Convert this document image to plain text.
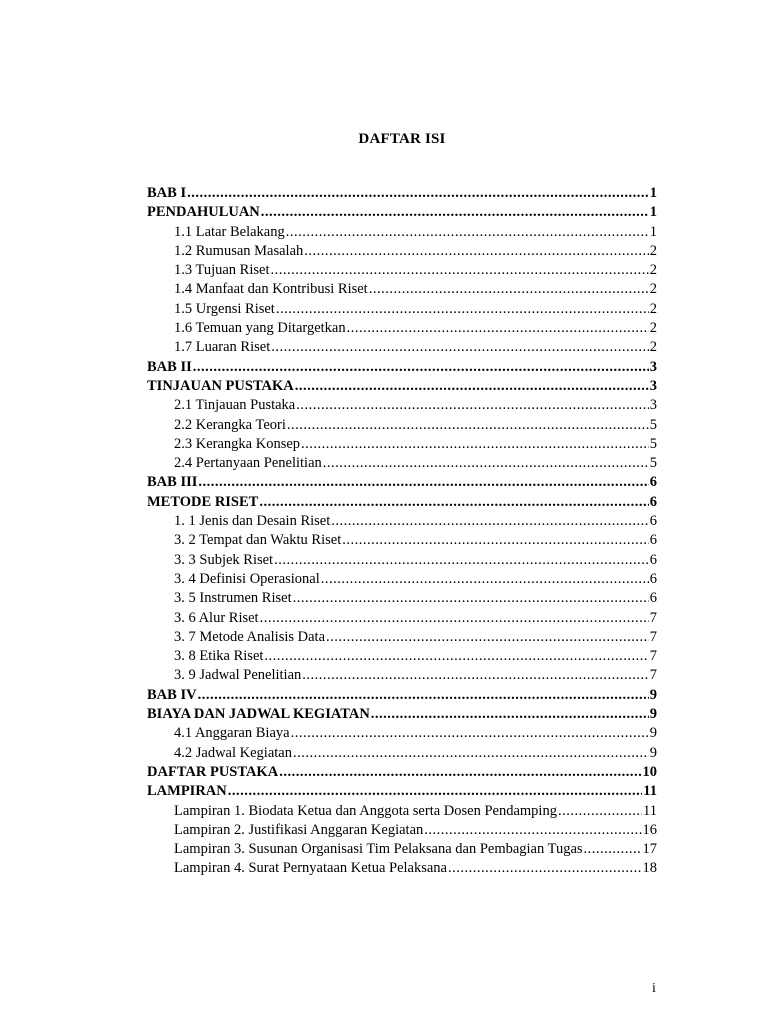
DAFTAR ISI
BAB I .....	1
PENDAHULUAN .....	1
1.1 Latar Belakang .....	1
1.2 Rumusan Masalah .....	2
1.3 Tujuan Riset .....	2
1.4 Manfaat dan Kontribusi Riset .....	2
1.5 Urgensi Riset .....	2
1.6 Temuan yang Ditargetkan .....	2
1.7 Luaran Riset .....	2
BAB II .....	3
TINJAUAN PUSTAKA .....	3
2.1 Tinjauan Pustaka .....	3
2.2 Kerangka Teori .....	5
2.3 Kerangka Konsep .....	5
2.4 Pertanyaan Penelitian .....	5
BAB III .....	6
METODE RISET .....	6
1. 1 Jenis dan Desain Riset .....	6
3. 2 Tempat dan Waktu Riset .....	6
3. 3 Subjek Riset .....	6
3. 4 Definisi Operasional .....	6
3. 5 Instrumen Riset .....	6
3. 6 Alur Riset .....	7
3. 7 Metode Analisis Data .....	7
3. 8 Etika Riset .....	7
3. 9 Jadwal Penelitian .....	7
BAB IV .....	9
BIAYA DAN JADWAL KEGIATAN .....	9
4.1 Anggaran Biaya .....	9
4.2 Jadwal Kegiatan .....	9
DAFTAR PUSTAKA .....	10
LAMPIRAN .....	11
Lampiran 1. Biodata Ketua dan Anggota serta Dosen Pendamping .....	11
Lampiran 2. Justifikasi Anggaran Kegiatan .....	16
Lampiran 3. Susunan Organisasi Tim Pelaksana dan Pembagian Tugas .....	17
Lampiran 4. Surat Pernyataan Ketua Pelaksana .....	18
i
